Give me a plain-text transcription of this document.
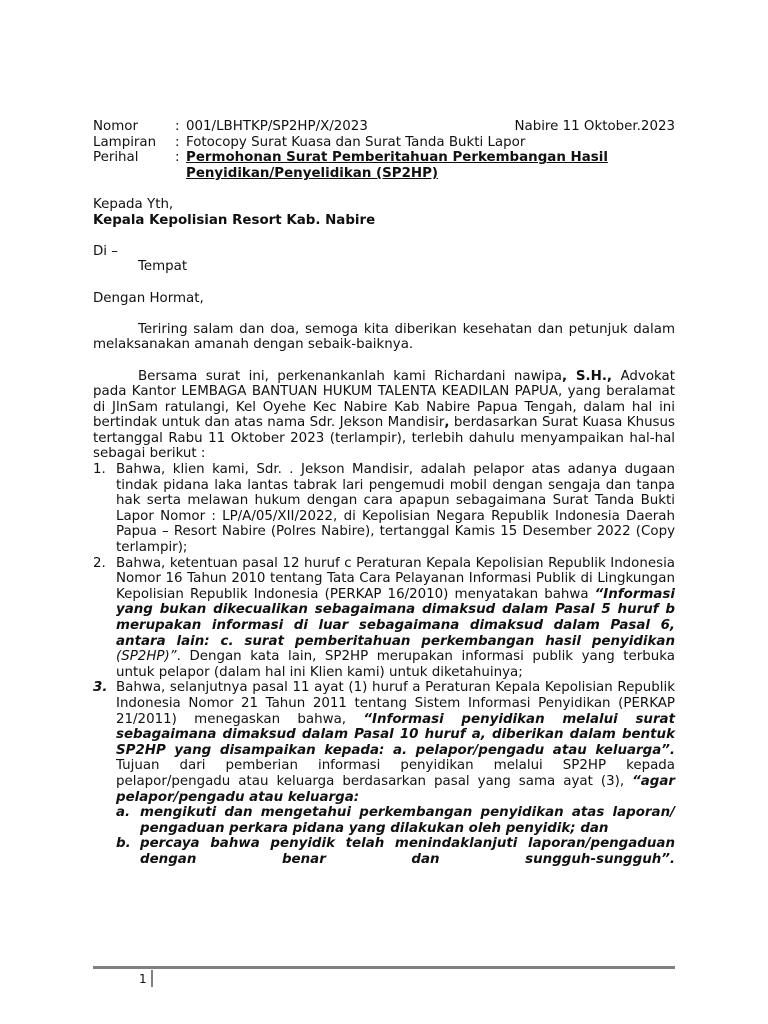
Nomor	: 001/LBHTKP/SP2HP/X/2023	Nabire 11 Oktober.2023
Lampiran : Fotocopy Surat Kuasa dan Surat Tanda Bukti Lapor
Perihal	: Permohonan Surat Pemberitahuan Perkembangan Hasil
Penyidikan/Penyelidikan (SP2HP)
Kepada Yth,
Kepala Kepolisian Resort Kab. Nabire
Di –
Tempat
Dengan Hormat,
Teriring salam dan doa, semoga kita diberikan kesehatan dan petunjuk dalam melaksanakan amanah dengan sebaik-baiknya.
Bersama surat ini, perkenankanlah kami Richardani nawipa, S.H., Advokat pada Kantor LEMBAGA BANTUAN HUKUM TALENTA KEADILAN PAPUA, yang beralamat di JlnSam ratulangi, Kel Oyehe Kec Nabire Kab Nabire Papua Tengah, dalam hal ini bertindak untuk dan atas nama Sdr. Jekson Mandisir, berdasarkan Surat Kuasa Khusus tertanggal Rabu 11 Oktober 2023 (terlampir), terlebih dahulu menyampaikan hal-hal sebagai berikut :
1. Bahwa, klien kami, Sdr. . Jekson Mandisir, adalah pelapor atas adanya dugaan tindak pidana laka lantas tabrak lari pengemudi mobil dengan sengaja dan tanpa hak serta melawan hukum dengan cara apapun sebagaimana Surat Tanda Bukti Lapor Nomor : LP/A/05/XII/2022, di Kepolisian Negara Republik Indonesia Daerah Papua – Resort Nabire (Polres Nabire), tertanggal Kamis 15 Desember 2022 (Copy terlampir);
2. Bahwa, ketentuan pasal 12 huruf c Peraturan Kepala Kepolisian Republik Indonesia Nomor 16 Tahun 2010 tentang Tata Cara Pelayanan Informasi Publik di Lingkungan Kepolisian Republik Indonesia (PERKAP 16/2010) menyatakan bahwa “Informasi yang bukan dikecualikan sebagaimana dimaksud dalam Pasal 5 huruf b merupakan informasi di luar sebagaimana dimaksud dalam Pasal 6, antara lain: c. surat pemberitahuan perkembangan hasil penyidikan (SP2HP)”. Dengan kata lain, SP2HP merupakan informasi publik yang terbuka untuk pelapor (dalam hal ini Klien kami) untuk diketahuinya;
3. Bahwa, selanjutnya pasal 11 ayat (1) huruf a Peraturan Kepala Kepolisian Republik Indonesia Nomor 21 Tahun 2011 tentang Sistem Informasi Penyidikan (PERKAP 21/2011) menegaskan bahwa, “Informasi penyidikan melalui surat sebagaimana dimaksud dalam Pasal 10 huruf a, diberikan dalam bentuk SP2HP yang disampaikan kepada: a. pelapor/pengadu atau keluarga”. Tujuan dari pemberian informasi penyidikan melalui SP2HP kepada pelapor/pengadu atau keluarga berdasarkan pasal yang sama ayat (3), “agar pelapor/pengadu atau keluarga:
a. mengikuti dan mengetahui perkembangan penyidikan atas laporan/ pengaduan perkara pidana yang dilakukan oleh penyidik; dan
b. percaya bahwa penyidik telah menindaklanjuti laporan/pengaduan dengan benar dan sungguh-sungguh”.
1
